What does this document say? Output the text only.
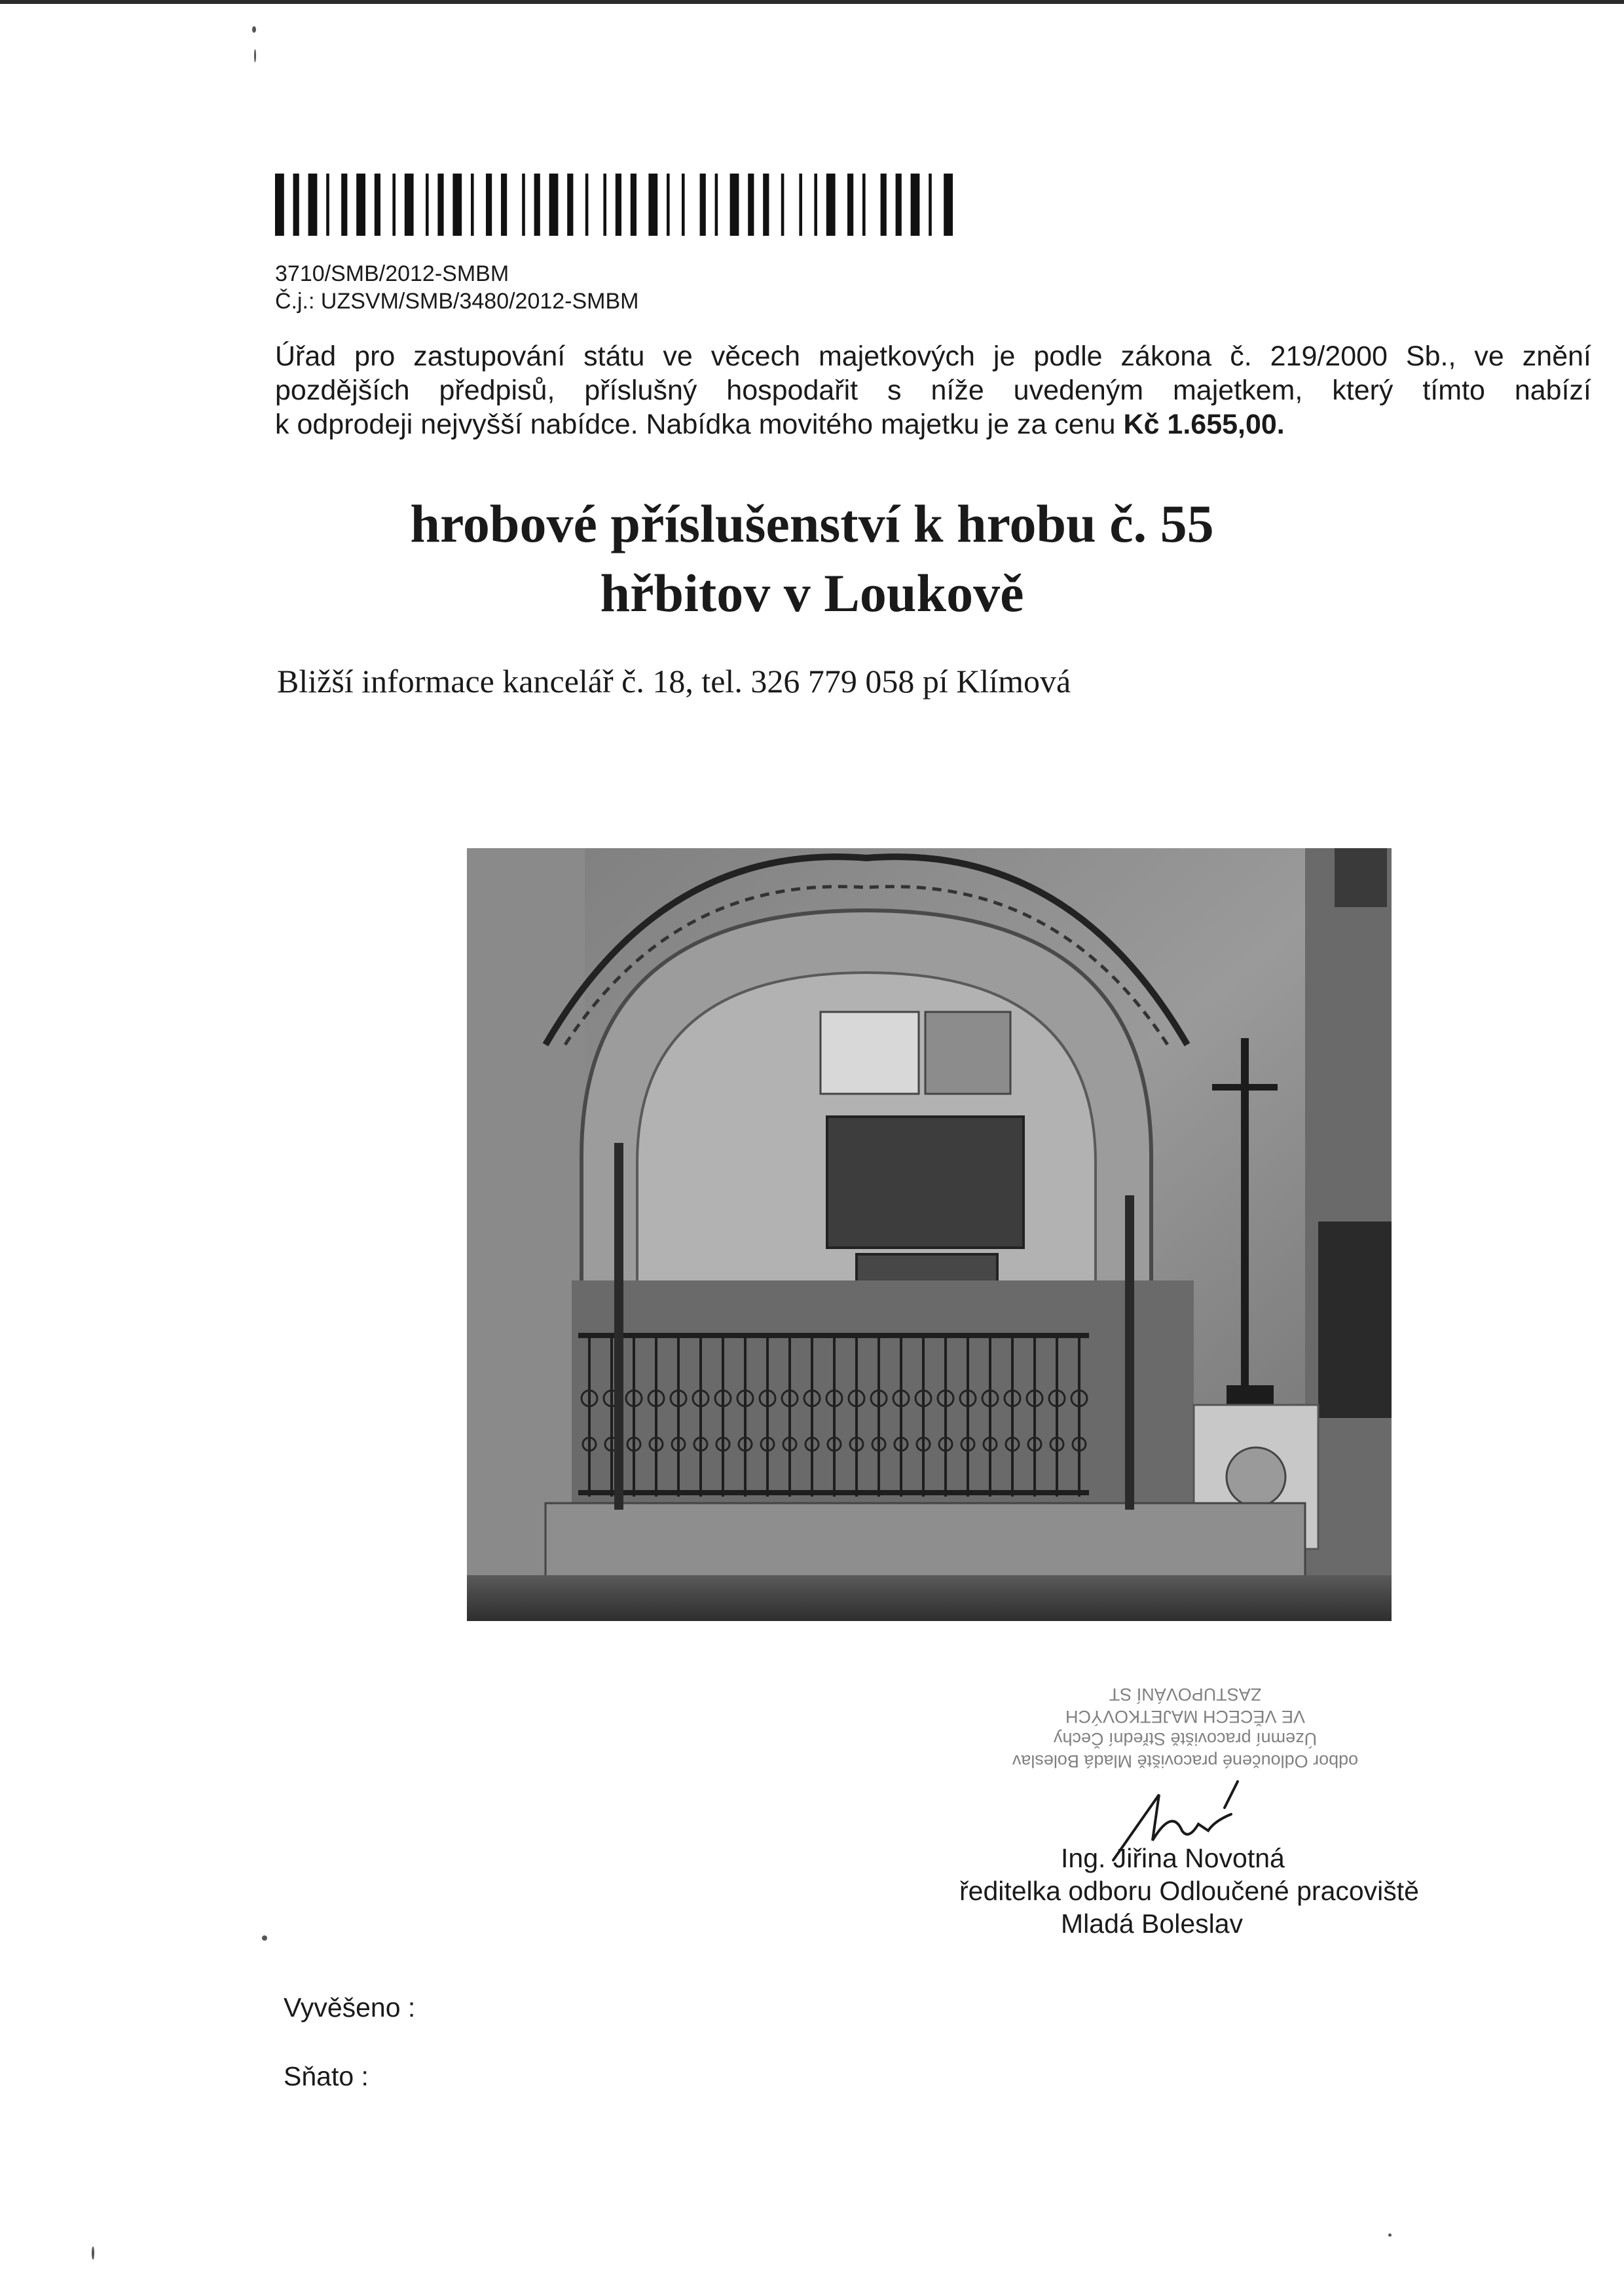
3710/SMB/2012-SMBM
Č.j.: UZSVM/SMB/3480/2012-SMBM
Úřad pro zastupování státu ve věcech majetkových je podle zákona č. 219/2000 Sb., ve znění
pozdějších předpisů, příslušný hospodařit s níže uvedeným majetkem, který tímto nabízí
k odprodeji nejvyšší nabídce. Nabídka movitého majetku je za cenu Kč 1.655,00.
hrobové příslušenství k hrobu č. 55
hřbitov v Loukově
Bližší informace kancelář č. 18, tel. 326 779 058 pí Klímová
odbor Odloučené pracoviště Mladá Boleslav
Územní pracoviště Střední Čechy
VE VĚCECH MAJETKOVÝCH
ZASTUPOVÁNÍ ST
Ing. Jiřina Novotná
ředitelka odboru Odloučené pracoviště
Mladá Boleslav
Vyvěšeno :
Sňato :
